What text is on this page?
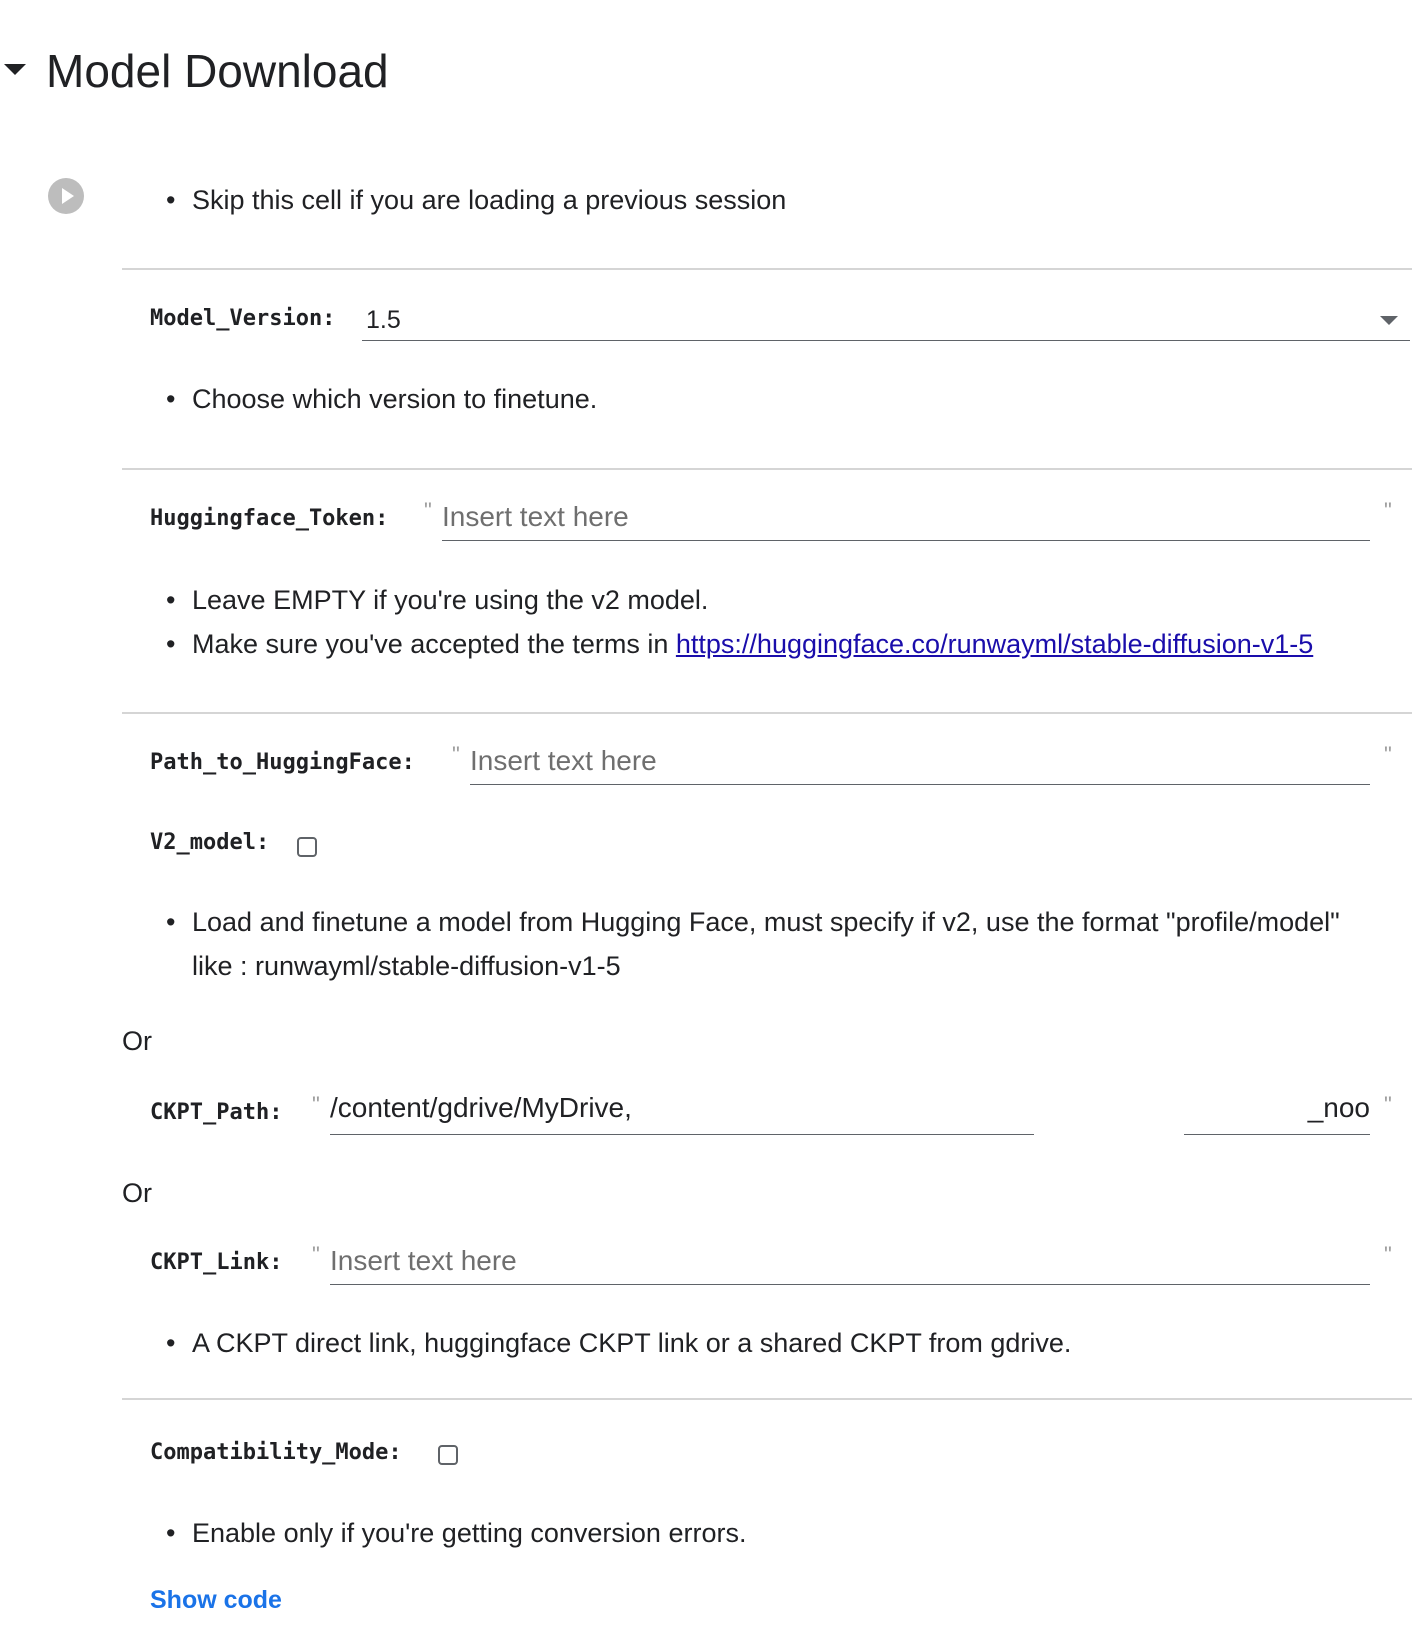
Model Download
• Skip this cell if you are loading a previous session
Model_Version: 1.5
• Choose which version to finetune.
Huggingface_Token: "
Insert text here	"
• Leave EMPTY if you're using the v2 model.
• Make sure you've accepted the terms in https://huggingface.co/runwayml/stable-diffusion-v1-5
Path_to_HuggingFace: "
Insert text here	"
V2_model:
• Load and finetune a model from Hugging Face, must specify if v2, use the format "profile/model"
like : runwayml/stable-diffusion-v1-5
Or
CKPT_Path: " /content/gdrive/MyDrive,	_noo "
Or
CKPT_Link: "
Insert text here	"
• A CKPT direct link, huggingface CKPT link or a shared CKPT from gdrive.
Compatibility_Mode:
• Enable only if you're getting conversion errors.
Show code
